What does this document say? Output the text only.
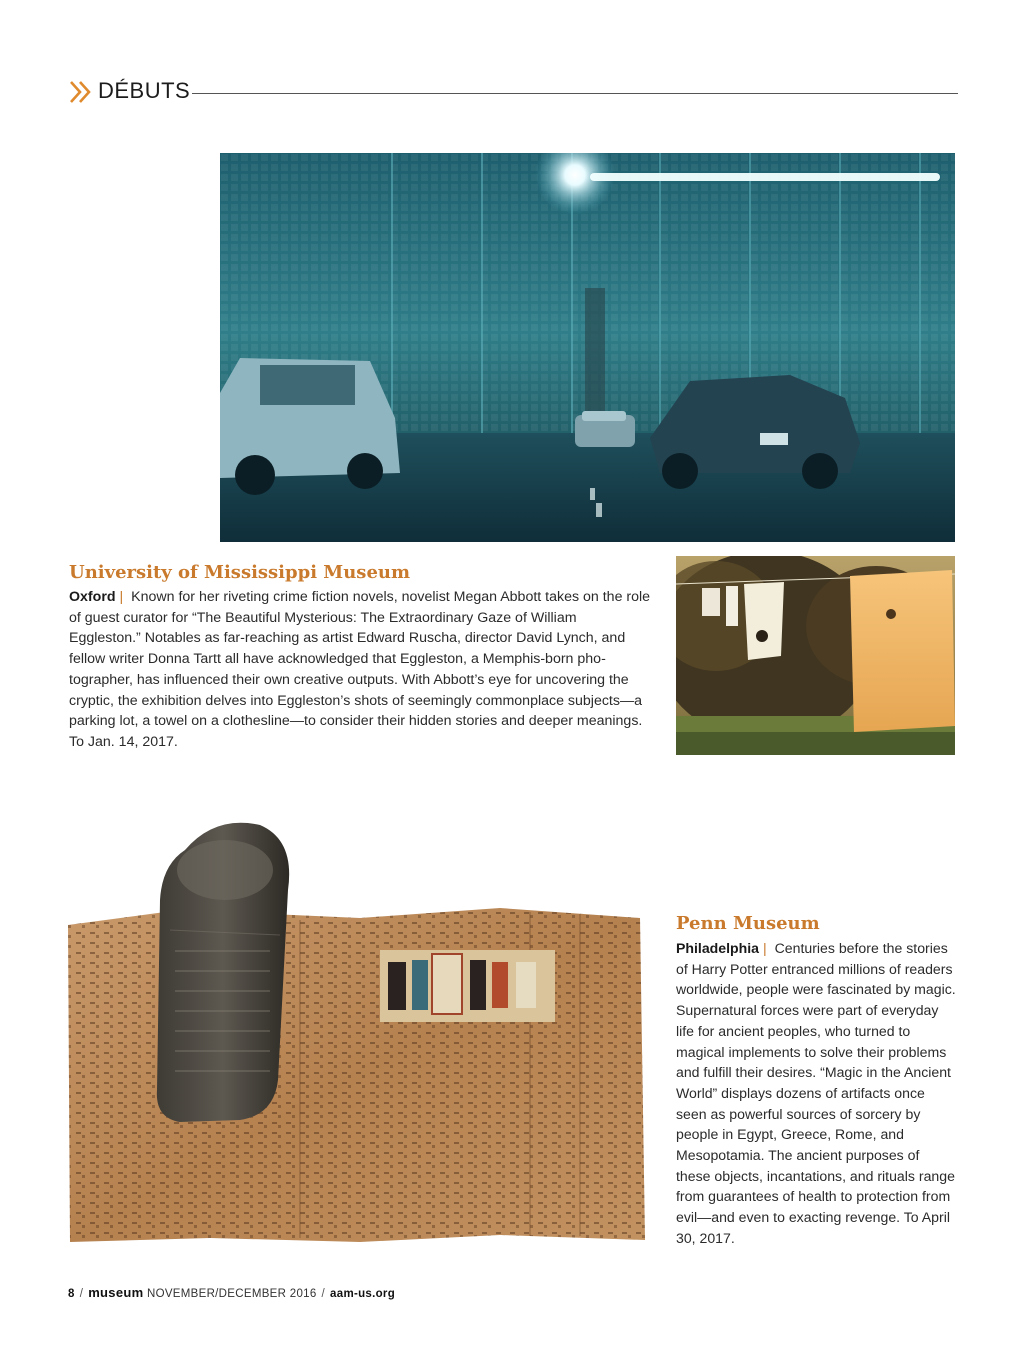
DÉBUTS
University of Mississippi Museum

Oxford | Known for her riveting crime fiction novels, novelist Megan Abbott takes on the role of guest curator for “The Beautiful Mysterious: The Extraordinary Gaze of William Eggleston.” Notables as far-reaching as artist Edward Ruscha, director David Lynch, and fellow writer Donna Tartt all have acknowledged that Eggleston, a Memphis-born photographer, has influenced their own creative outputs. With Abbott’s eye for uncovering the cryptic, the exhibition delves into Eggleston’s shots of seemingly commonplace subjects—a parking lot, a towel on a clothesline—to consider their hidden stories and deeper meanings. To Jan. 14, 2017.

Penn Museum

Philadelphia | Centuries before the stories of Harry Potter entranced millions of readers worldwide, people were fascinated by magic. Supernatural forces were part of everyday life for ancient peoples, who turned to magical implements to solve their problems and fulfill their desires. “Magic in the Ancient World” displays dozens of artifacts once seen as powerful sources of sorcery by people in Egypt, Greece, Rome, and Mesopotamia. The ancient purposes of these objects, incantations, and rituals range from guarantees of health to protection from evil—and even to exacting revenge. To April 30, 2017.

8 / museum NOVEMBER/DECEMBER 2016 / aam-us.org
